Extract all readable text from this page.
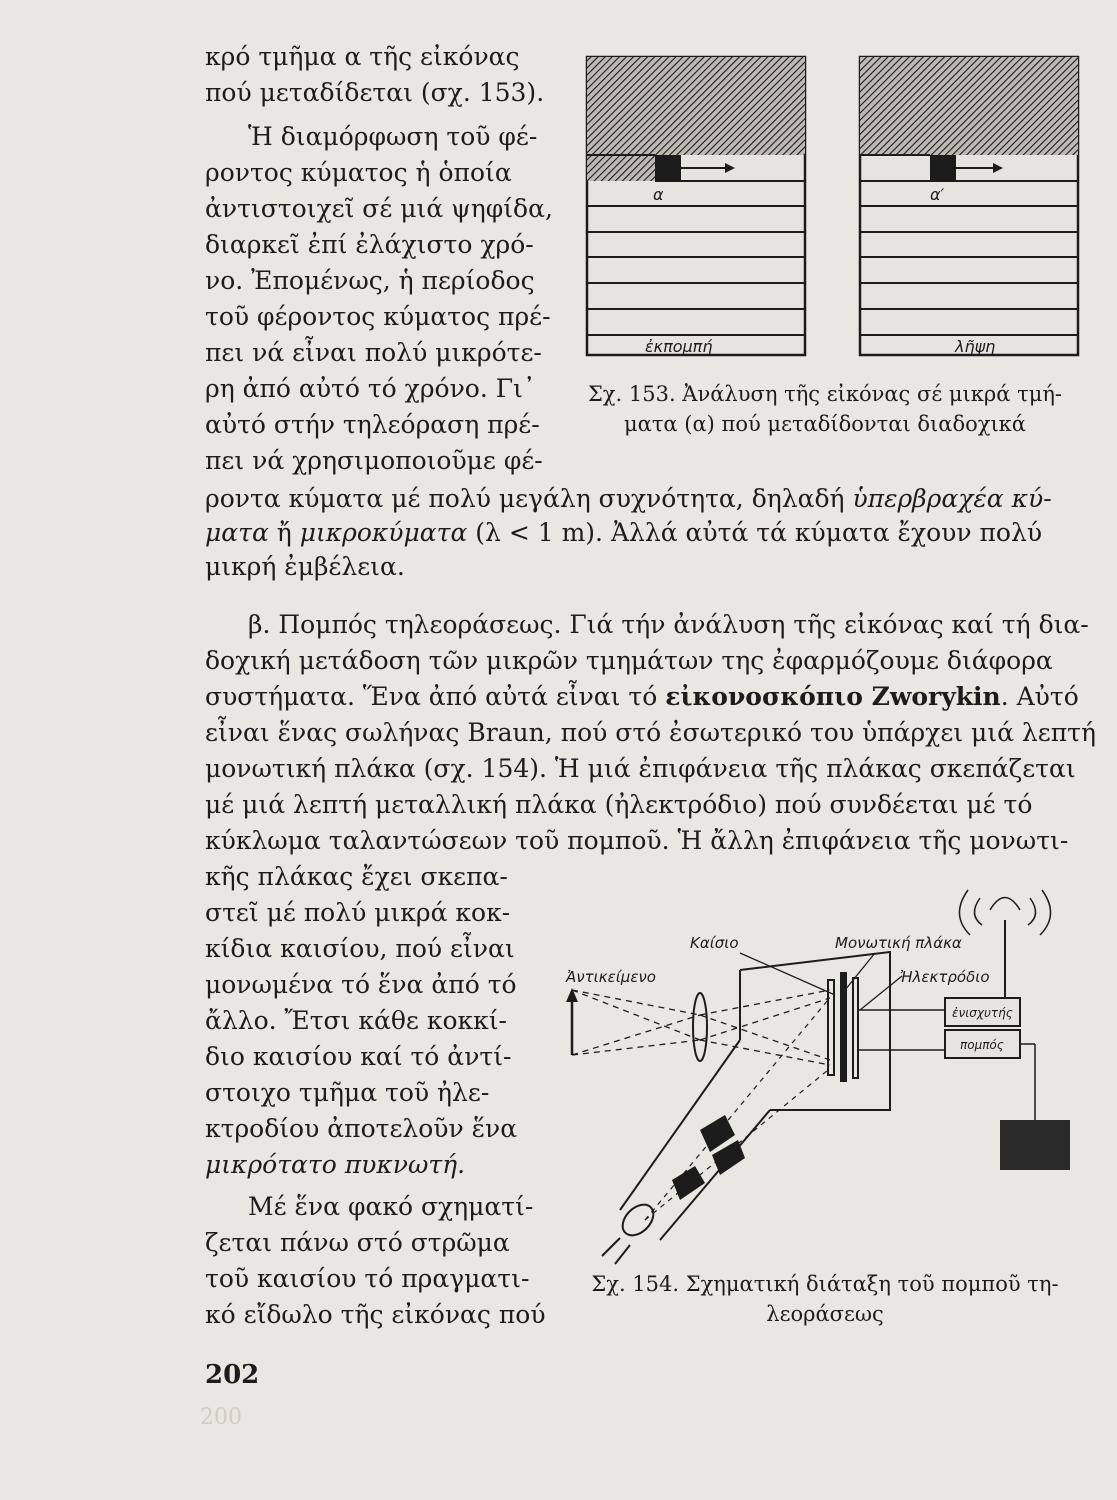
200
κρό τμῆμα α τῆς εἰκόνας
πού μεταδίδεται (σχ. 153).
Ἡ διαμόρφωση τοῦ φέ-
ροντος κύματος ἡ ὁποία
ἀντιστοιχεῖ σέ μιά ψηφίδα,
διαρκεῖ ἐπί ἐλάχιστο χρό-
νο. Ἐπομένως, ἡ περίοδος
τοῦ φέροντος κύματος πρέ-
πει νά εἶναι πολύ μικρότε-
ρη ἀπό αὐτό τό χρόνο. Γι᾽
αὐτό στήν τηλεόραση πρέ-
πει νά χρησιμοποιοῦμε φέ-
ροντα κύματα μέ πολύ μεγάλη συχνότητα, δηλαδή ὑπερβραχέα κύ-
ματα ἤ μικροκύματα (λ < 1 m). Ἀλλά αὐτά τά κύματα ἔχουν πολύ
μικρή ἐμβέλεια.
β. Πομπός τηλεοράσεως. Γιά τήν ἀνάλυση τῆς εἰκόνας καί τή δια-
δοχική μετάδοση τῶν μικρῶν τμημάτων της ἐφαρμόζουμε διάφορα
συστήματα. Ἕνα ἀπό αὐτά εἶναι τό εἰκονοσκόπιο Zworykin. Αὐτό
εἶναι ἕνας σωλήνας Braun, πού στό ἐσωτερικό του ὑπάρχει μιά λεπτή
μονωτική πλάκα (σχ. 154). Ἡ μιά ἐπιφάνεια τῆς πλάκας σκεπάζεται
μέ μιά λεπτή μεταλλική πλάκα (ἠλεκτρόδιο) πού συνδέεται μέ τό
κύκλωμα ταλαντώσεων τοῦ πομποῦ. Ἡ ἄλλη ἐπιφάνεια τῆς μονωτι-
κῆς πλάκας ἔχει σκεπα-
στεῖ μέ πολύ μικρά κοκ-
κίδια καισίου, πού εἶναι
μονωμένα τό ἕνα ἀπό τό
ἄλλο. Ἔτσι κάθε κοκκί-
διο καισίου καί τό ἀντί-
στοιχο τμῆμα τοῦ ἠλε-
κτροδίου ἀποτελοῦν ἕνα
μικρότατο πυκνωτή.
Μέ ἕνα φακό σχηματί-
ζεται πάνω στό στρῶμα
τοῦ καισίου τό πραγματι-
κό εἴδωλο τῆς εἰκόνας πού
α
ἐκπομπή
α′
λῆψη
Σχ. 153. Ἀνάλυση τῆς εἰκόνας σέ μικρά τμή-
ματα (α) πού μεταδίδονται διαδοχικά
Καίσιο	Μονωτική πλάκα
Ἀντικείμενο	Ἠλεκτρόδιο
ἐνισχυτής
πομπός
Σχ. 154. Σχηματική διάταξη τοῦ πομποῦ τη-
λεοράσεως
202
